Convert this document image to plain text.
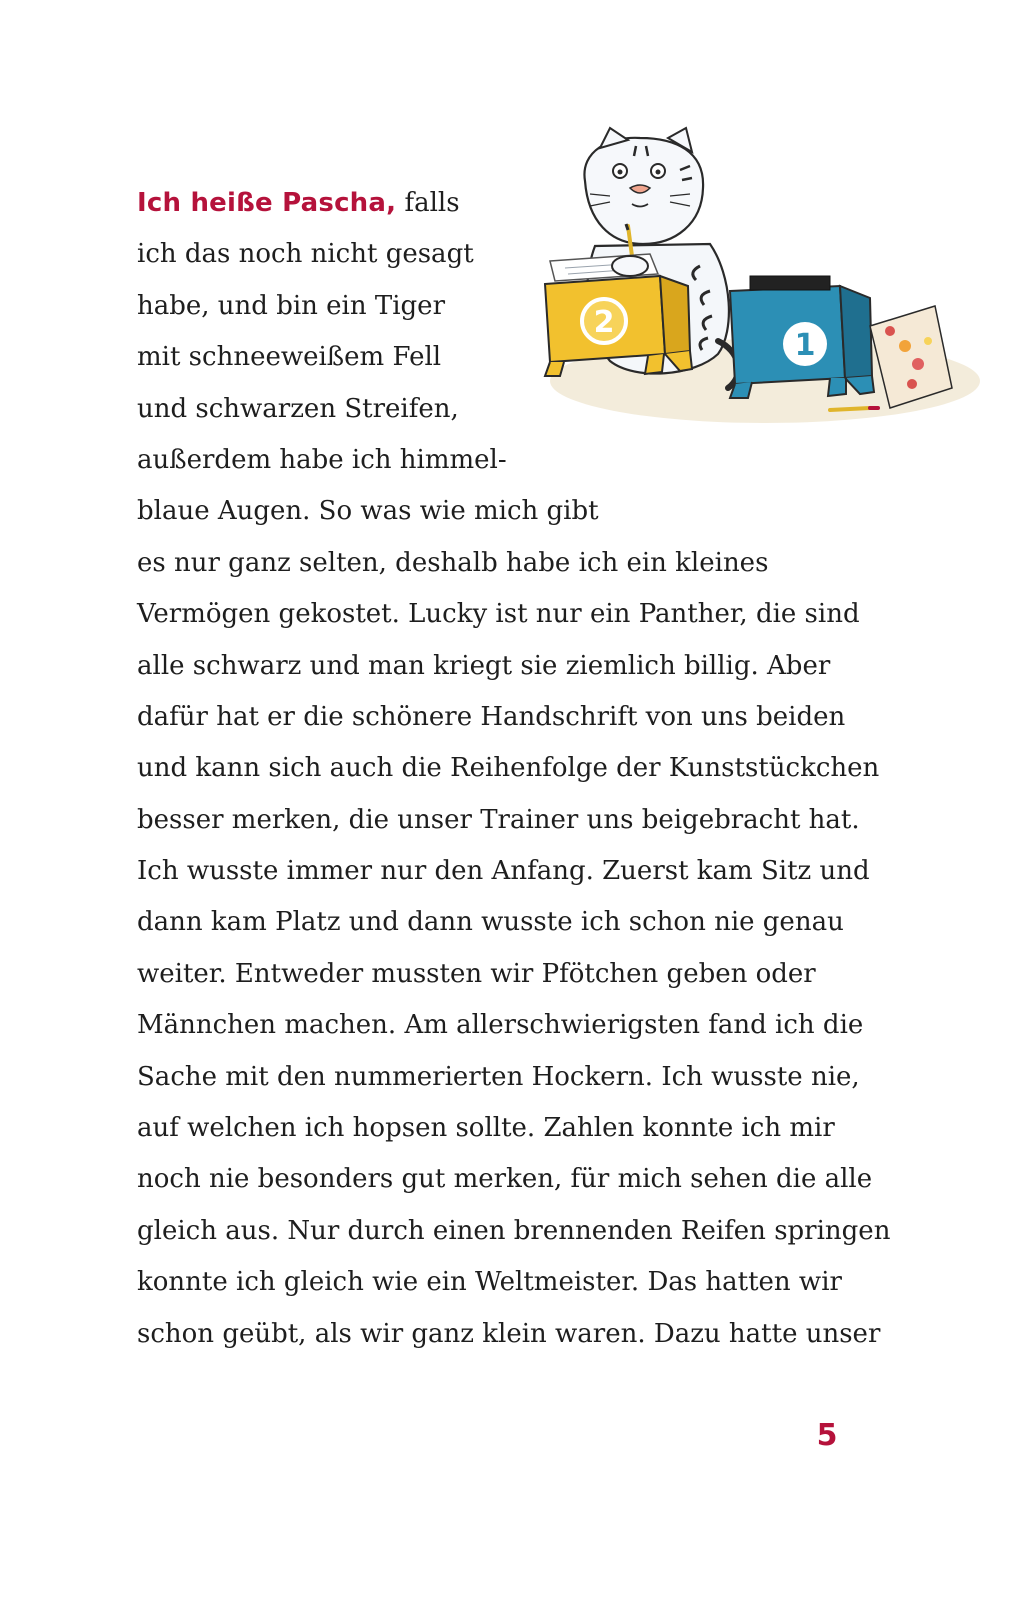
2
1
Ich heiße Pascha, falls
ich das noch nicht gesagt
habe, und bin ein Tiger
mit schneeweißem Fell
und schwarzen Streifen,
außerdem habe ich himmel-
blaue Augen. So was wie mich gibt
es nur ganz selten, deshalb habe ich ein kleines
Vermögen gekostet. Lucky ist nur ein Panther, die sind
alle schwarz und man kriegt sie ziemlich billig. Aber
dafür hat er die schönere Handschrift von uns beiden
und kann sich auch die Reihenfolge der Kunststückchen
besser merken, die unser Trainer uns beigebracht hat.
Ich wusste immer nur den Anfang. Zuerst kam Sitz und
dann kam Platz und dann wusste ich schon nie genau
weiter. Entweder mussten wir Pfötchen geben oder
Männchen machen. Am allerschwierigsten fand ich die
Sache mit den nummerierten Hockern. Ich wusste nie,
auf welchen ich hopsen sollte. Zahlen konnte ich mir
noch nie besonders gut merken, für mich sehen die alle
gleich aus. Nur durch einen brennenden Reifen springen
konnte ich gleich wie ein Weltmeister. Das hatten wir
schon geübt, als wir ganz klein waren. Dazu hatte unser
5
